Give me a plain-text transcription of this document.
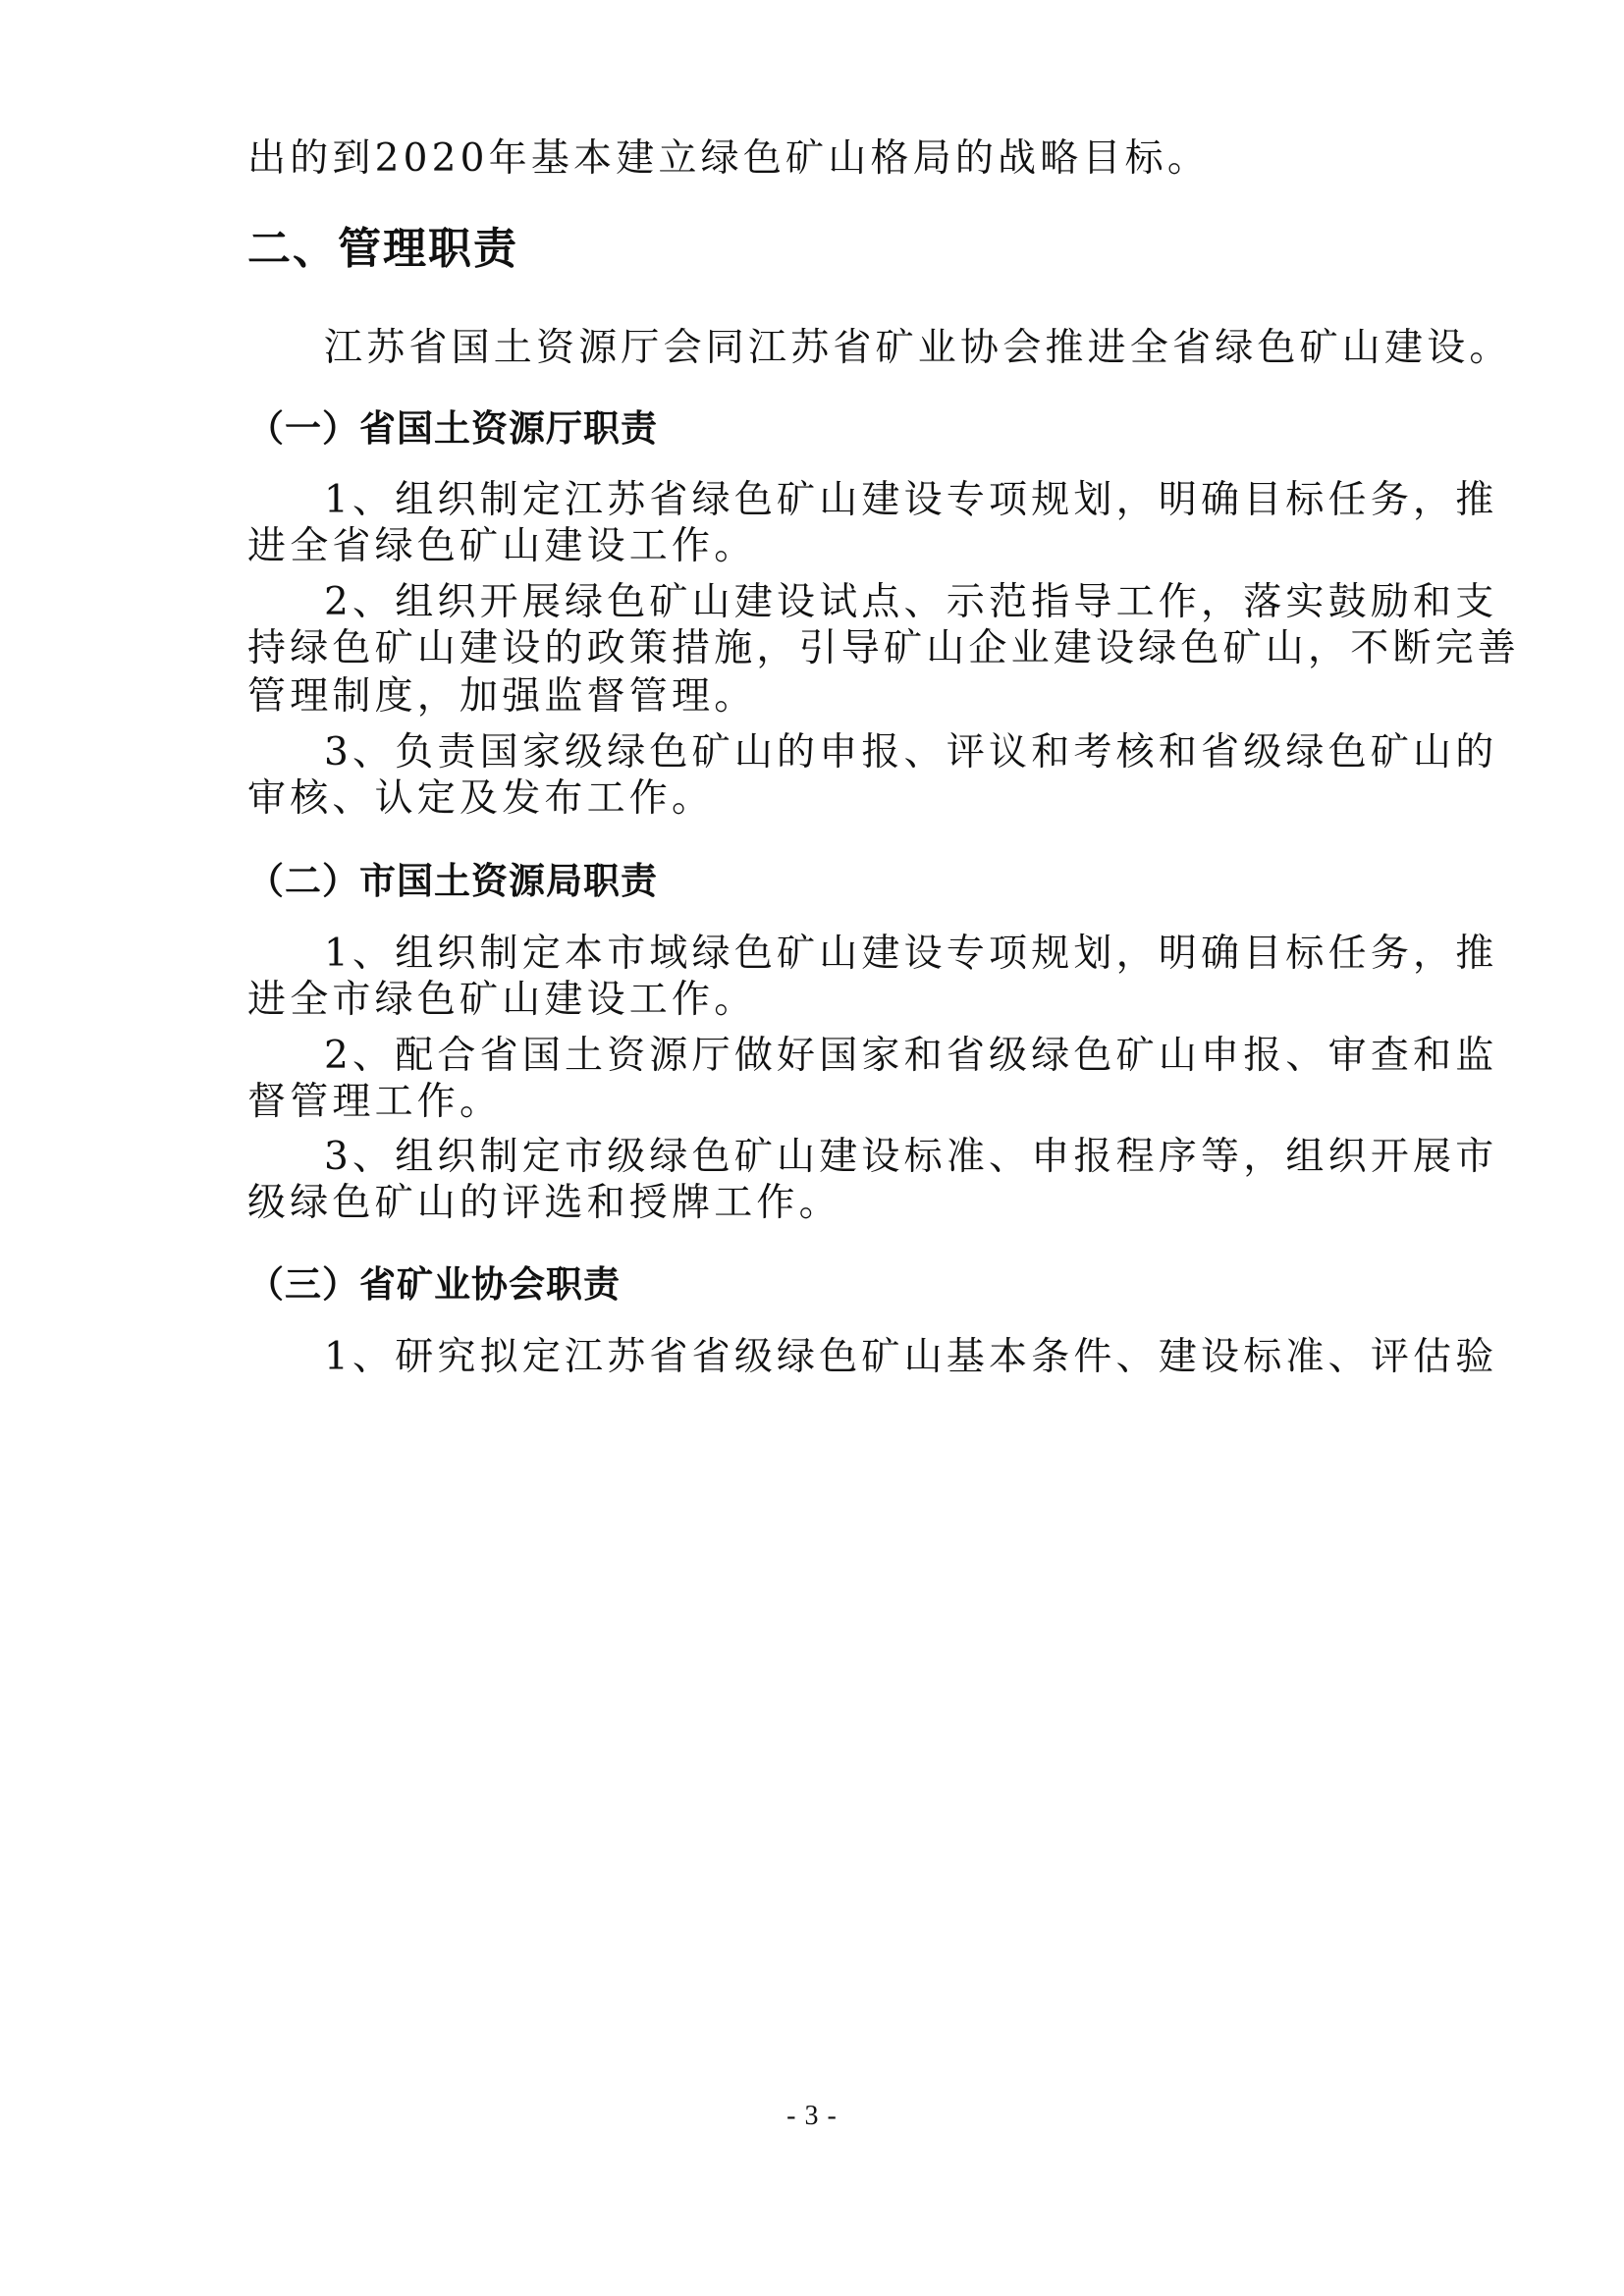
出的到2020年基本建立绿色矿山格局的战略目标。
二、管理职责
江苏省国土资源厅会同江苏省矿业协会推进全省绿色矿山建设。
（一）省国土资源厅职责
1、组织制定江苏省绿色矿山建设专项规划，明确目标任务，推
进全省绿色矿山建设工作。
2、组织开展绿色矿山建设试点、示范指导工作，落实鼓励和支
持绿色矿山建设的政策措施，引导矿山企业建设绿色矿山，不断完善
管理制度，加强监督管理。
3、负责国家级绿色矿山的申报、评议和考核和省级绿色矿山的
审核、认定及发布工作。
（二）市国土资源局职责
1、组织制定本市域绿色矿山建设专项规划，明确目标任务，推
进全市绿色矿山建设工作。
2、配合省国土资源厅做好国家和省级绿色矿山申报、审查和监
督管理工作。
3、组织制定市级绿色矿山建设标准、申报程序等，组织开展市
级绿色矿山的评选和授牌工作。
（三）省矿业协会职责
1、研究拟定江苏省省级绿色矿山基本条件、建设标准、评估验
- 3 -
